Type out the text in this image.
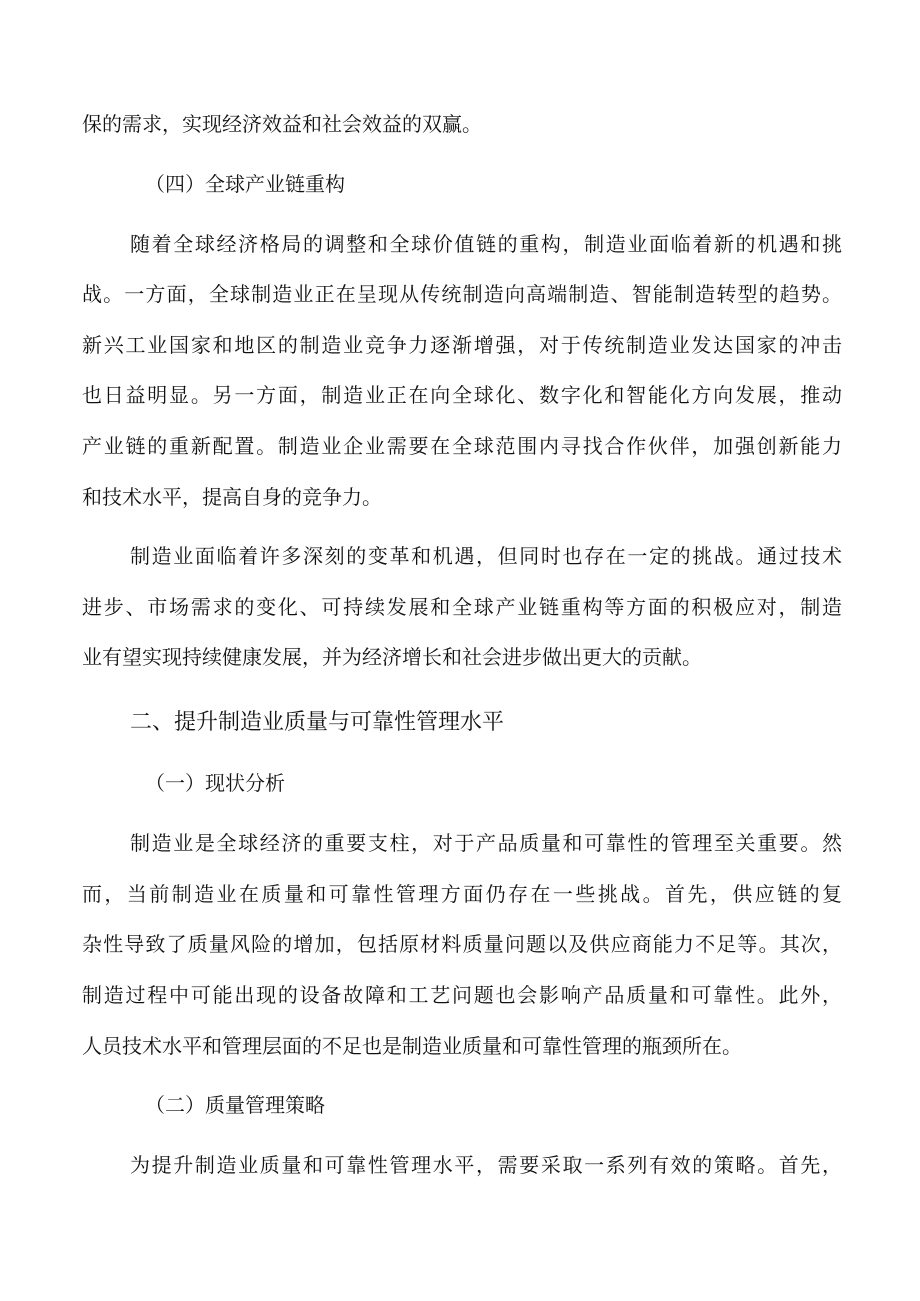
保的需求，实现经济效益和社会效益的双赢。
（四）全球产业链重构
随着全球经济格局的调整和全球价值链的重构，制造业面临着新的机遇和挑
战。一方面，全球制造业正在呈现从传统制造向高端制造、智能制造转型的趋势。
新兴工业国家和地区的制造业竞争力逐渐增强，对于传统制造业发达国家的冲击
也日益明显。另一方面，制造业正在向全球化、数字化和智能化方向发展，推动
产业链的重新配置。制造业企业需要在全球范围内寻找合作伙伴，加强创新能力
和技术水平，提高自身的竞争力。
制造业面临着许多深刻的变革和机遇，但同时也存在一定的挑战。通过技术
进步、市场需求的变化、可持续发展和全球产业链重构等方面的积极应对，制造
业有望实现持续健康发展，并为经济增长和社会进步做出更大的贡献。
二、提升制造业质量与可靠性管理水平
（一）现状分析
制造业是全球经济的重要支柱，对于产品质量和可靠性的管理至关重要。然
而，当前制造业在质量和可靠性管理方面仍存在一些挑战。首先，供应链的复
杂性导致了质量风险的增加，包括原材料质量问题以及供应商能力不足等。其次，
制造过程中可能出现的设备故障和工艺问题也会影响产品质量和可靠性。此外，
人员技术水平和管理层面的不足也是制造业质量和可靠性管理的瓶颈所在。
（二）质量管理策略
为提升制造业质量和可靠性管理水平，需要采取一系列有效的策略。首先，
